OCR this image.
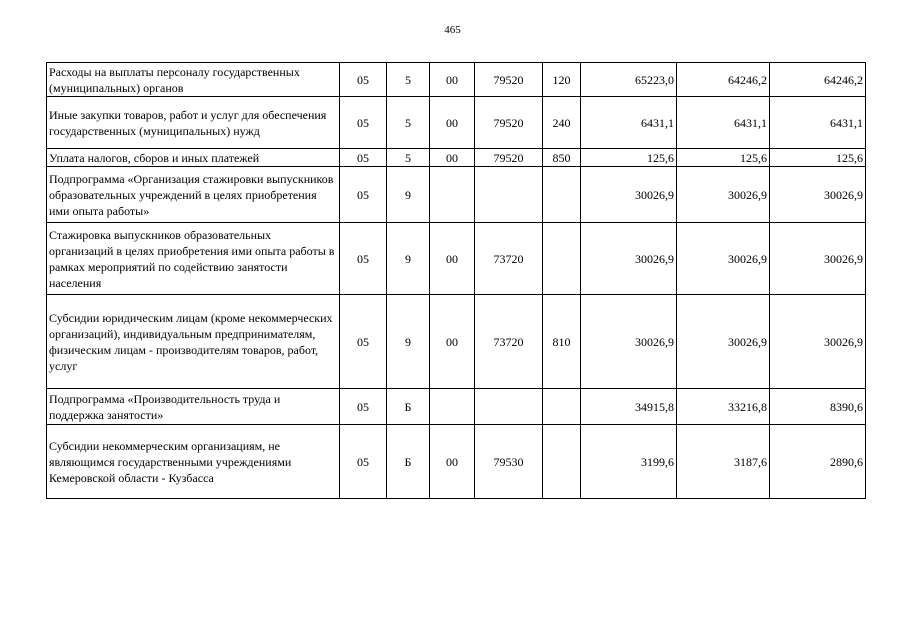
465
Расходы на выплаты персоналу государственных (муниципальных) органов	05	5	00	79520	120	65223,0	64246,2	64246,2
Иные закупки товаров, работ и услуг для обеспечения государственных (муниципальных) нужд	05	5	00	79520	240	6431,1	6431,1	6431,1
Уплата налогов, сборов и иных платежей	05	5	00	79520	850	125,6	125,6	125,6
Подпрограмма «Организация стажировки выпускников образовательных учреждений в целях приобретения ими опыта работы»	05	9				30026,9	30026,9	30026,9
Стажировка выпускников образовательных организаций в целях приобретения ими опыта работы в рамках мероприятий по содействию занятости населения	05	9	00	73720		30026,9	30026,9	30026,9
Субсидии юридическим лицам (кроме некоммерческих организаций), индивидуальным предпринимателям, физическим лицам - производителям товаров, работ, услуг	05	9	00	73720	810	30026,9	30026,9	30026,9
Подпрограмма «Производительность труда и поддержка занятости»	05	Б				34915,8	33216,8	8390,6
Субсидии некоммерческим организациям, не являющимся государственными учреждениями Кемеровской области - Кузбасса	05	Б	00	79530		3199,6	3187,6	2890,6
